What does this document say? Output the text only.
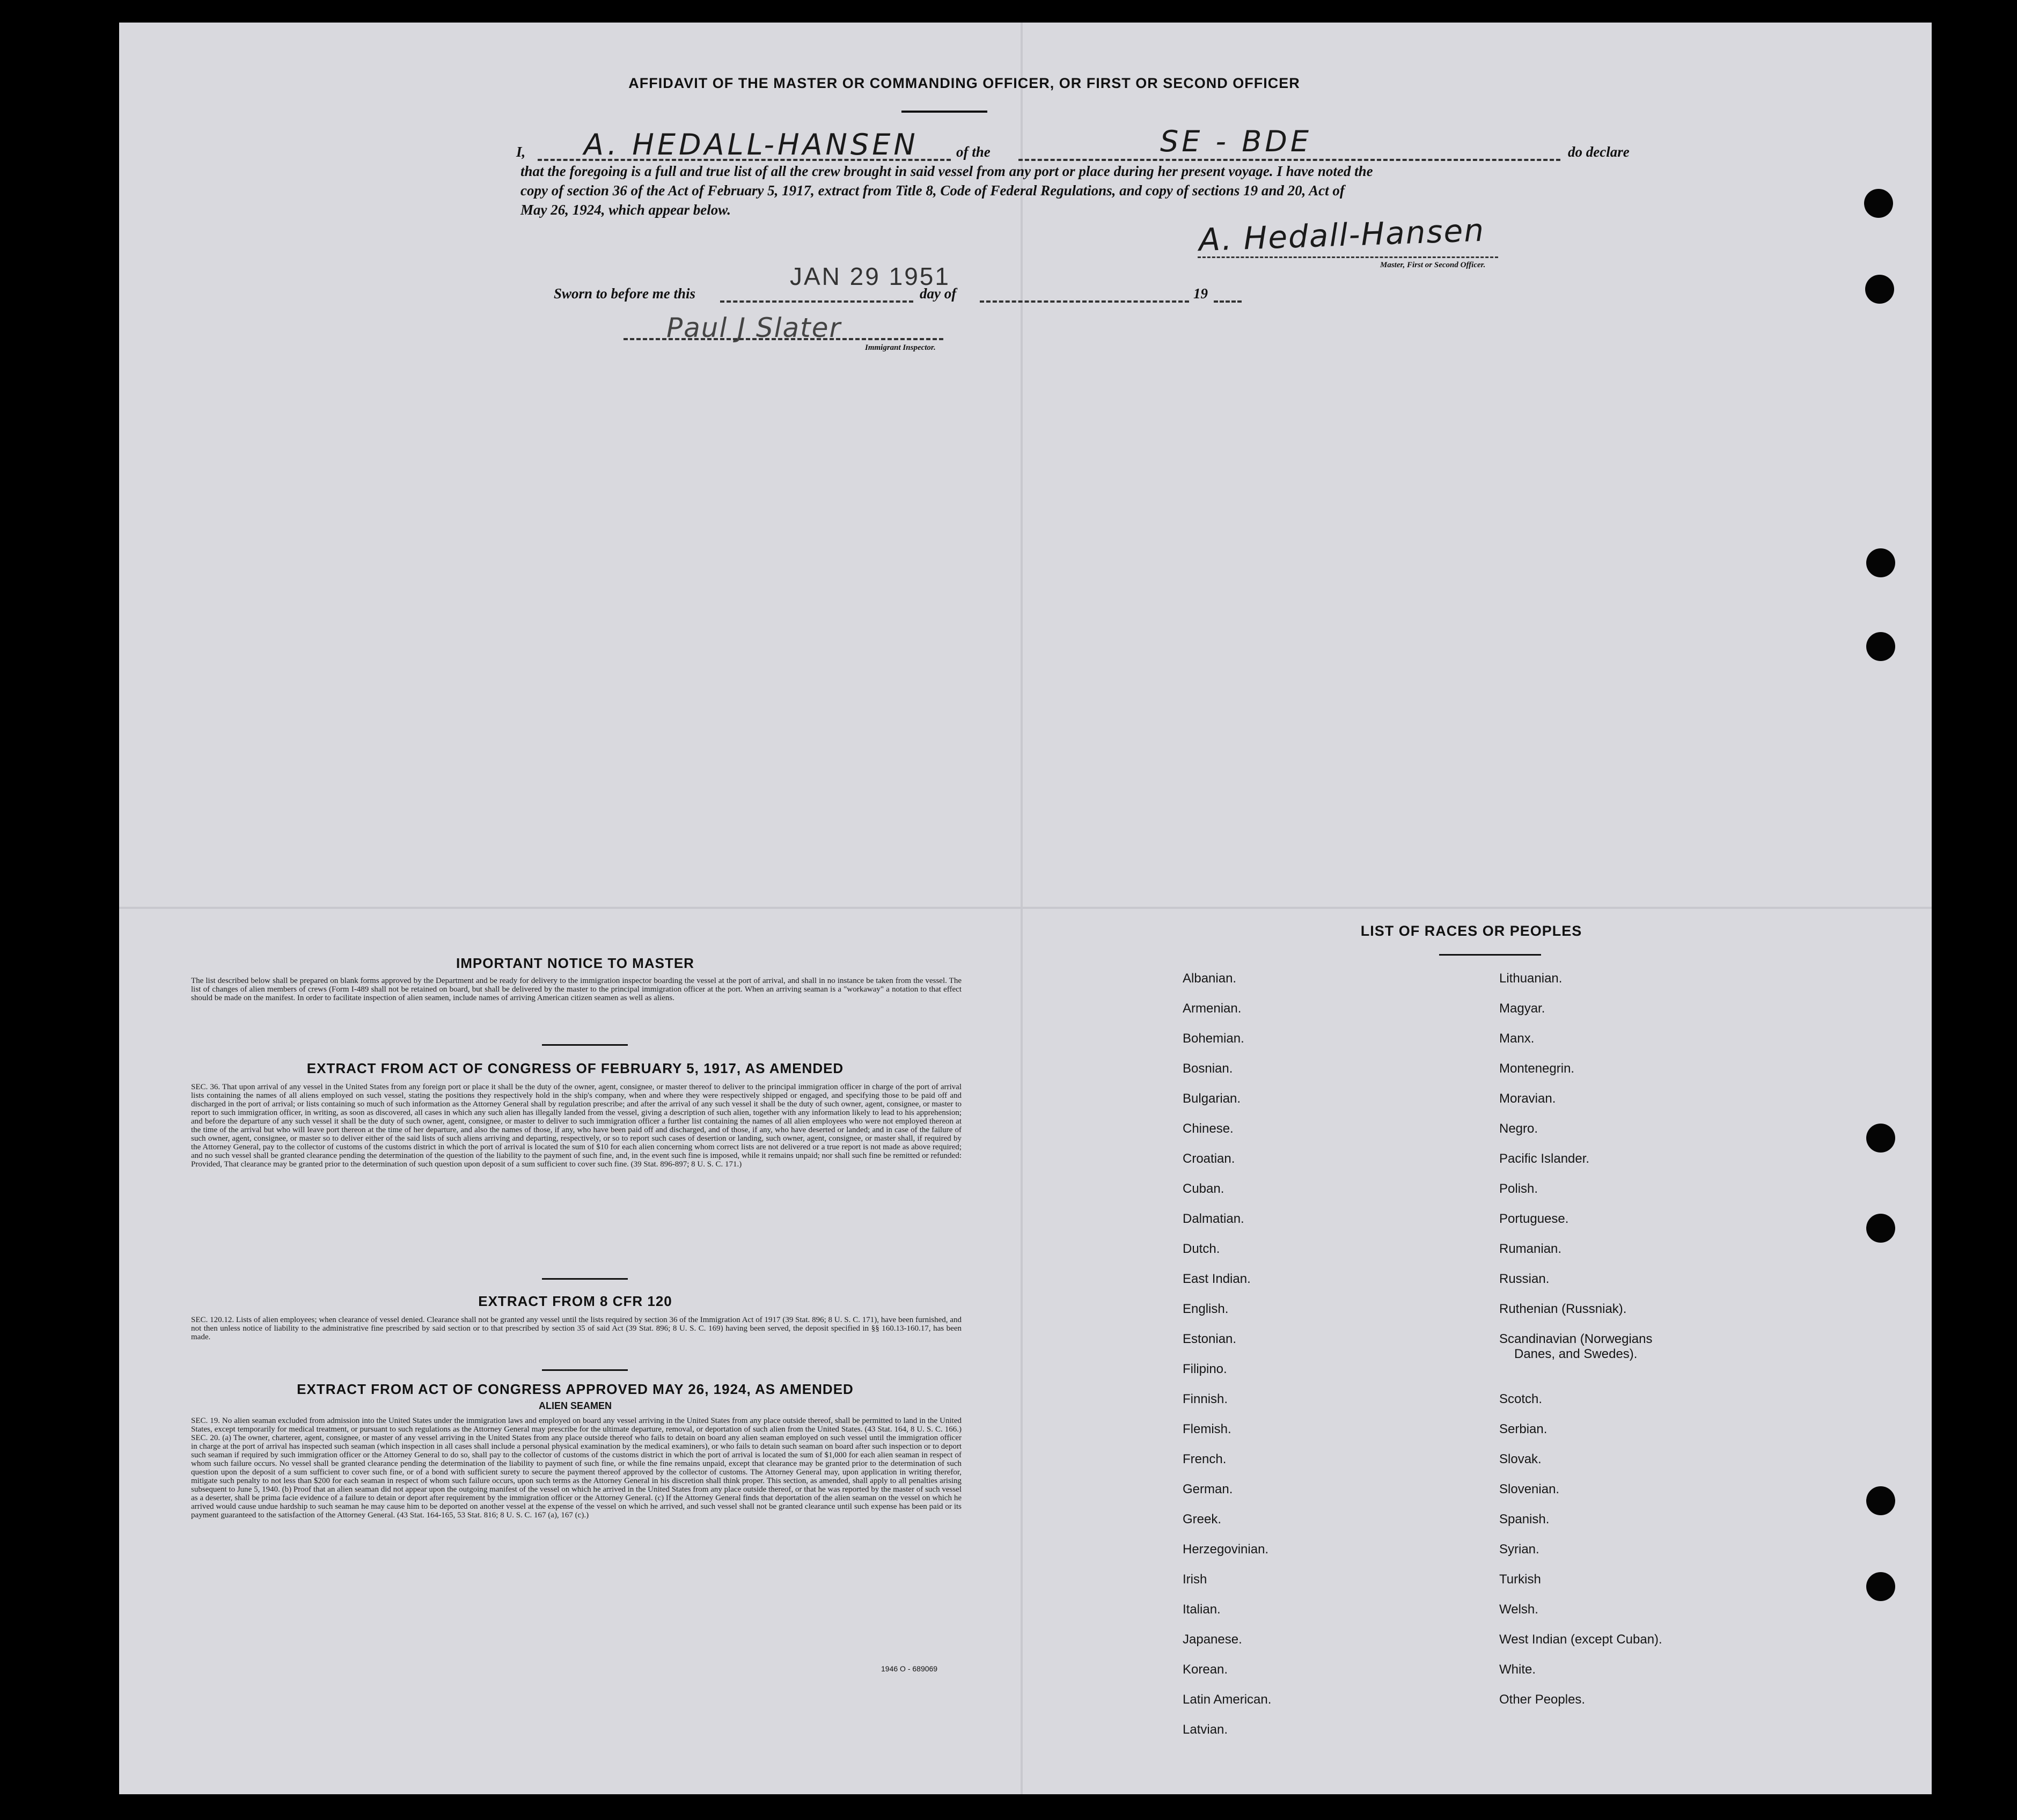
AFFIDAVIT OF THE MASTER OR COMMANDING OFFICER, OR FIRST OR SECOND OFFICER
I, A. HEDALL-HANSEN	of the	SE - BDE	do declare
that the foregoing is a full and true list of all the crew brought in said vessel from any port or place during her present voyage. I have noted the
copy of section 36 of the Act of February 5, 1917, extract from Title 8, Code of Federal Regulations, and copy of sections 19 and 20, Act of
May 26, 1924, which appear below.
A. Hedall-Hansen
Master, First or Second Officer.
Sworn to before me this
JAN 29 1951
day of	19
Paul J Slater
Immigrant Inspector.
IMPORTANT NOTICE TO MASTER
The list described below shall be prepared on blank forms approved by the Department and be ready for delivery to the immigration inspector boarding the vessel at the port of arrival, and shall in no instance be taken from the vessel. The list of changes of alien members of crews (Form I-489 shall not be retained on board, but shall be delivered by the master to the principal immigration officer at the port. When an arriving seaman is a "workaway" a notation to that effect should be made on the manifest. In order to facilitate inspection of alien seamen, include names of arriving American citizen seamen as well as aliens.
EXTRACT FROM ACT OF CONGRESS OF FEBRUARY 5, 1917, AS AMENDED
SEC. 36. That upon arrival of any vessel in the United States from any foreign port or place it shall be the duty of the owner, agent, consignee, or master thereof to deliver to the principal immigration officer in charge of the port of arrival lists containing the names of all aliens employed on such vessel, stating the positions they respectively hold in the ship's company, when and where they were respectively shipped or engaged, and specifying those to be paid off and discharged in the port of arrival; or lists containing so much of such information as the Attorney General shall by regulation prescribe; and after the arrival of any such vessel it shall be the duty of such owner, agent, consignee, or master to report to such immigration officer, in writing, as soon as discovered, all cases in which any such alien has illegally landed from the vessel, giving a description of such alien, together with any information likely to lead to his apprehension; and before the departure of any such vessel it shall be the duty of such owner, agent, consignee, or master to deliver to such immigration officer a further list containing the names of all alien employees who were not employed thereon at the time of the arrival but who will leave port thereon at the time of her departure, and also the names of those, if any, who have been paid off and discharged, and of those, if any, who have deserted or landed; and in case of the failure of such owner, agent, consignee, or master so to deliver either of the said lists of such aliens arriving and departing, respectively, or so to report such cases of desertion or landing, such owner, agent, consignee, or master shall, if required by the Attorney General, pay to the collector of customs of the customs district in which the port of arrival is located the sum of $10 for each alien concerning whom correct lists are not delivered or a true report is not made as above required; and no such vessel shall be granted clearance pending the determination of the question of the liability to the payment of such fine, and, in the event such fine is imposed, while it remains unpaid; nor shall such fine be remitted or refunded: Provided, That clearance may be granted prior to the determination of such question upon deposit of a sum sufficient to cover such fine. (39 Stat. 896-897; 8 U. S. C. 171.)
EXTRACT FROM 8 CFR 120
SEC. 120.12. Lists of alien employees; when clearance of vessel denied. Clearance shall not be granted any vessel until the lists required by section 36 of the Immigration Act of 1917 (39 Stat. 896; 8 U. S. C. 171), have been furnished, and not then unless notice of liability to the administrative fine prescribed by said section or to that prescribed by section 35 of said Act (39 Stat. 896; 8 U. S. C. 169) having been served, the deposit specified in §§ 160.13-160.17, has been made.
EXTRACT FROM ACT OF CONGRESS APPROVED MAY 26, 1924, AS AMENDED
ALIEN SEAMEN
SEC. 19. No alien seaman excluded from admission into the United States under the immigration laws and employed on board any vessel arriving in the United States from any place outside thereof, shall be permitted to land in the United States, except temporarily for medical treatment, or pursuant to such regulations as the Attorney General may prescribe for the ultimate departure, removal, or deportation of such alien from the United States. (43 Stat. 164, 8 U. S. C. 166.) SEC. 20. (a) The owner, charterer, agent, consignee, or master of any vessel arriving in the United States from any place outside thereof who fails to detain on board any alien seaman employed on such vessel until the immigration officer in charge at the port of arrival has inspected such seaman (which inspection in all cases shall include a personal physical examination by the medical examiners), or who fails to detain such seaman on board after such inspection or to deport such seaman if required by such immigration officer or the Attorney General to do so, shall pay to the collector of customs of the customs district in which the port of arrival is located the sum of $1,000 for each alien seaman in respect of whom such failure occurs. No vessel shall be granted clearance pending the determination of the liability to payment of such fine, or while the fine remains unpaid, except that clearance may be granted prior to the determination of such question upon the deposit of a sum sufficient to cover such fine, or of a bond with sufficient surety to secure the payment thereof approved by the collector of customs. The Attorney General may, upon application in writing therefor, mitigate such penalty to not less than $200 for each seaman in respect of whom such failure occurs, upon such terms as the Attorney General in his discretion shall think proper. This section, as amended, shall apply to all penalties arising subsequent to June 5, 1940. (b) Proof that an alien seaman did not appear upon the outgoing manifest of the vessel on which he arrived in the United States from any place outside thereof, or that he was reported by the master of such vessel as a deserter, shall be prima facie evidence of a failure to detain or deport after requirement by the immigration officer or the Attorney General. (c) If the Attorney General finds that deportation of the alien seaman on the vessel on which he arrived would cause undue hardship to such seaman he may cause him to be deported on another vessel at the expense of the vessel on which he arrived, and such vessel shall not be granted clearance until such expense has been paid or its payment guaranteed to the satisfaction of the Attorney General. (43 Stat. 164-165, 53 Stat. 816; 8 U. S. C. 167 (a), 167 (c).)
1946 O - 689069
LIST OF RACES OR PEOPLES
Albanian.
Armenian.
Bohemian.
Bosnian.
Bulgarian.
Chinese.
Croatian.
Cuban.
Dalmatian.
Dutch.
East Indian.
English.
Estonian.
Filipino.
Finnish.
Flemish.
French.
German.
Greek.
Herzegovinian.
Irish
Italian.
Japanese.
Korean.
Latin American.
Latvian.
Lithuanian.
Magyar.
Manx.
Montenegrin.
Moravian.
Negro.
Pacific Islander.
Polish.
Portuguese.
Rumanian.
Russian.
Ruthenian (Russniak).
Scandinavian (Norwegians
Danes, and Swedes).
Scotch.
Serbian.
Slovak.
Slovenian.
Spanish.
Syrian.
Turkish
Welsh.
West Indian (except Cuban).
White.
Other Peoples.
